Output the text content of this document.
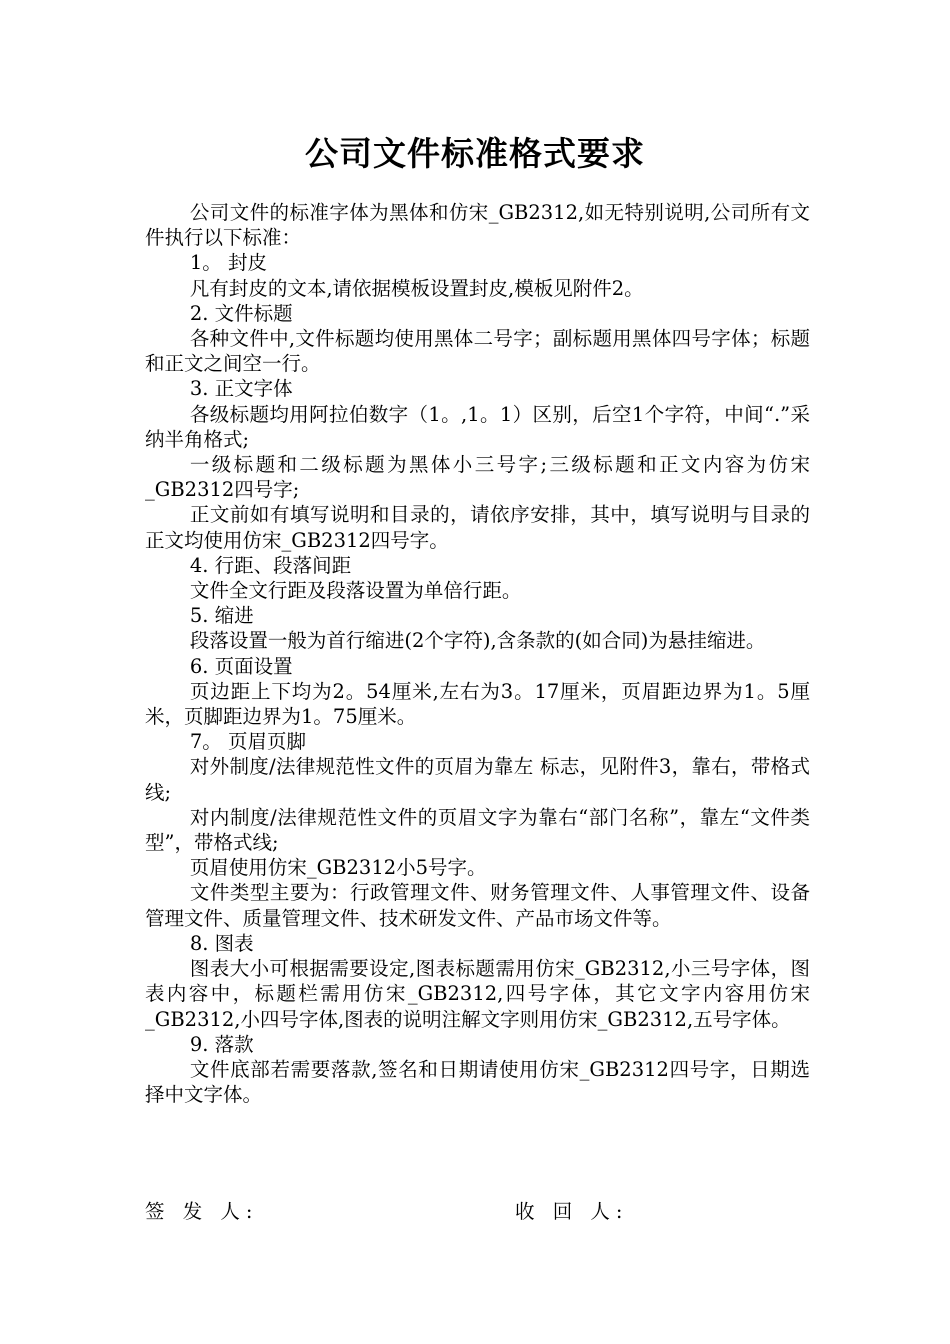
公司文件标准格式要求

公司文件的标准字体为黑体和仿宋_GB2312,如无特别说明,公司所有文件执行以下标准：

1。 封皮

凡有封皮的文本,请依据模板设置封皮,模板见附件2。

2. 文件标题

各种文件中,文件标题均使用黑体二号字；副标题用黑体四号字体；标题和正文之间空一行。

3. 正文字体

各级标题均用阿拉伯数字（1。,1。1）区别，后空1个字符，中间“.”采纳半角格式;

一级标题和二级标题为黑体小三号字;三级标题和正文内容为仿宋_GB2312四号字;

正文前如有填写说明和目录的，请依序安排，其中，填写说明与目录的正文均使用仿宋_GB2312四号字。

4. 行距、段落间距

文件全文行距及段落设置为单倍行距。

5. 缩进

段落设置一般为首行缩进(2个字符),含条款的(如合同)为悬挂缩进。

6. 页面设置

页边距上下均为2。54厘米,左右为3。17厘米，页眉距边界为1。5厘米，页脚距边界为1。75厘米。

7。 页眉页脚

对外制度/法律规范性文件的页眉为靠左 标志，见附件3，靠右，带格式线;

对内制度/法律规范性文件的页眉文字为靠右“部门名称”，靠左“文件类型”，带格式线;

页眉使用仿宋_GB2312小5号字。

文件类型主要为：行政管理文件、财务管理文件、人事管理文件、设备管理文件、质量管理文件、技术研发文件、产品市场文件等。

8. 图表

图表大小可根据需要设定,图表标题需用仿宋_GB2312,小三号字体，图表内容中，标题栏需用仿宋_GB2312,四号字体，其它文字内容用仿宋_GB2312,小四号字体,图表的说明注解文字则用仿宋_GB2312,五号字体。

9. 落款

文件底部若需要落款,签名和日期请使用仿宋_GB2312四号字，日期选择中文字体。

签 发 人:	收 回 人:
